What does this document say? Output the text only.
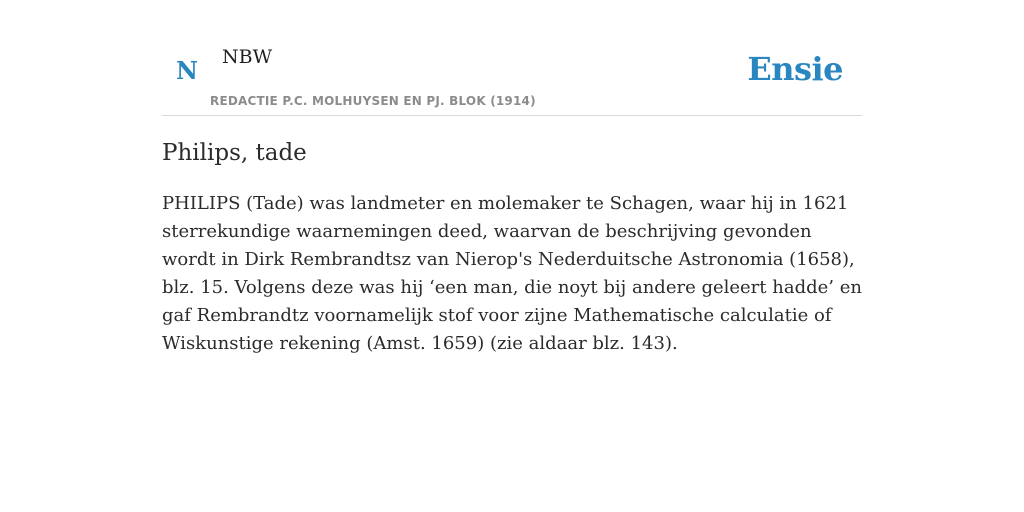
N NBW
REDACTIE P.C. MOLHUYSEN EN PJ. BLOK (1914)
Ensie
Philips, tade

PHILIPS (Tade) was landmeter en molemaker te Schagen, waar hij in 1621 sterrekundige waarnemingen deed, waarvan de beschrijving gevonden wordt in Dirk Rembrandtsz van Nierop's Nederduitsche Astronomia (1658), blz. 15. Volgens deze was hij ‘een man, die noyt bij andere geleert hadde’ en gaf Rembrandtz voornamelijk stof voor zijne Mathematische calculatie of Wiskunstige rekening (Amst. 1659) (zie aldaar blz. 143).
